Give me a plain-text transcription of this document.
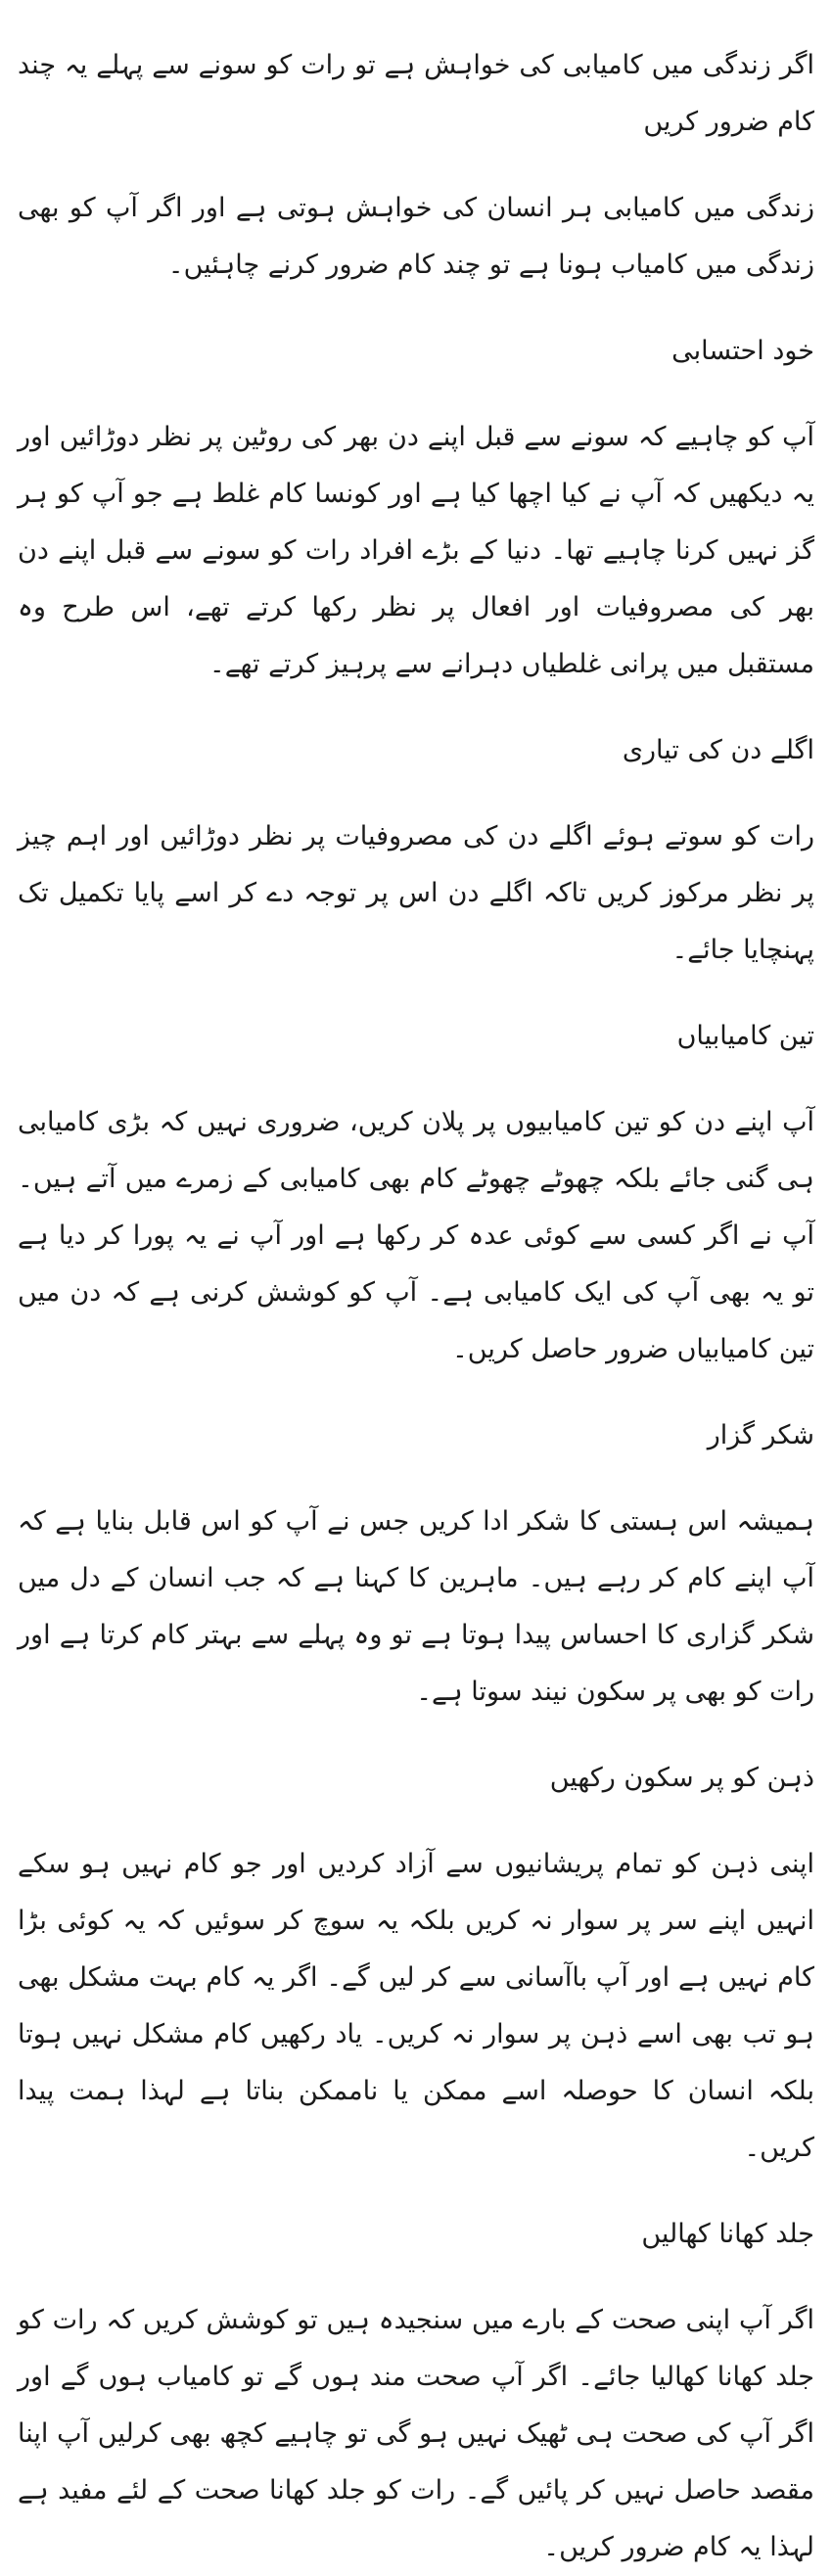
اگر زندگی میں کامیابی کی خواہش ہے تو رات کو سونے سے پہلے یہ چند کام ضرور کریں

زندگی میں کامیابی ہر انسان کی خواہش ہوتی ہے اور اگر آپ کو بھی زندگی میں کامیاب ہونا ہے تو چند کام ضرور کرنے چاہئیں۔

خود احتسابی

آپ کو چاہیے کہ سونے سے قبل اپنے دن بھر کی روٹین پر نظر دوڑائیں اور یہ دیکھیں کہ آپ نے کیا اچھا کیا ہے اور کونسا کام غلط ہے جو آپ کو ہر گز نہیں کرنا چاہیے تھا۔ دنیا کے بڑے افراد رات کو سونے سے قبل اپنے دن بھر کی مصروفیات اور افعال پر نظر رکھا کرتے تھے، اس طرح وہ مستقبل میں پرانی غلطیاں دہرانے سے پرہیز کرتے تھے۔

اگلے دن کی تیاری

رات کو سوتے ہوئے اگلے دن کی مصروفیات پر نظر دوڑائیں اور اہم چیز پر نظر مرکوز کریں تاکہ اگلے دن اس پر توجہ دے کر اسے پایا تکمیل تک پہنچایا جائے۔

تین کامیابیاں

آپ اپنے دن کو تین کامیابیوں پر پلان کریں، ضروری نہیں کہ بڑی کامیابی ہی گنی جائے بلکہ چھوٹے چھوٹے کام بھی کامیابی کے زمرے میں آتے ہیں۔ آپ نے اگر کسی سے کوئی عدہ کر رکھا ہے اور آپ نے یہ پورا کر دیا ہے تو یہ بھی آپ کی ایک کامیابی ہے۔ آپ کو کوشش کرنی ہے کہ دن میں تین کامیابیاں ضرور حاصل کریں۔

شکر گزار

ہمیشہ اس ہستی کا شکر ادا کریں جس نے آپ کو اس قابل بنایا ہے کہ آپ اپنے کام کر رہے ہیں۔ ماہرین کا کہنا ہے کہ جب انسان کے دل میں شکر گزاری کا احساس پیدا ہوتا ہے تو وہ پہلے سے بہتر کام کرتا ہے اور رات کو بھی پر سکون نیند سوتا ہے۔

ذہن کو پر سکون رکھیں

اپنی ذہن کو تمام پریشانیوں سے آزاد کردیں اور جو کام نہیں ہو سکے انہیں اپنے سر پر سوار نہ کریں بلکہ یہ سوچ کر سوئیں کہ یہ کوئی بڑا کام نہیں ہے اور آپ باآسانی سے کر لیں گے۔ اگر یہ کام بہت مشکل بھی ہو تب بھی اسے ذہن پر سوار نہ کریں۔ یاد رکھیں کام مشکل نہیں ہوتا بلکہ انسان کا حوصلہ اسے ممکن یا ناممکن بناتا ہے لہذا ہمت پیدا کریں۔

جلد کھانا کھالیں

اگر آپ اپنی صحت کے بارے میں سنجیدہ ہیں تو کوشش کریں کہ رات کو جلد کھانا کھالیا جائے۔ اگر آپ صحت مند ہوں گے تو کامیاب ہوں گے اور اگر آپ کی صحت ہی ٹھیک نہیں ہو گی تو چاہیے کچھ بھی کرلیں آپ اپنا مقصد حاصل نہیں کر پائیں گے۔ رات کو جلد کھانا صحت کے لئے مفید ہے لہذا یہ کام ضرور کریں۔
